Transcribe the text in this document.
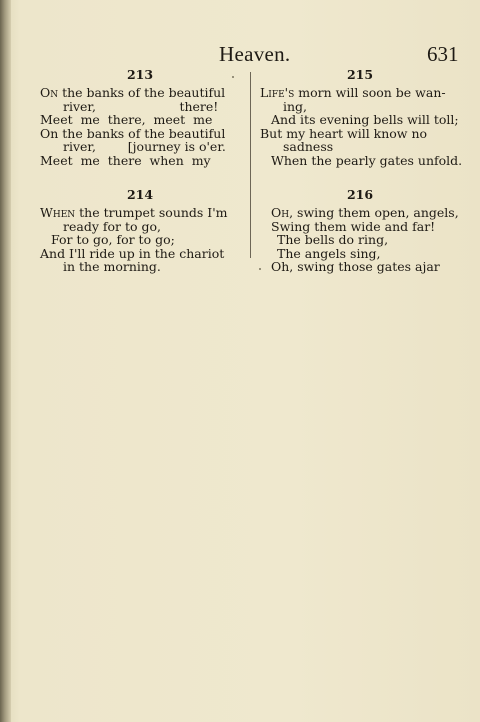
Heaven.	631
213
On the banks of the beautiful
river,                     there!
Meet  me  there,  meet  me
On the banks of the beautiful
river,        [journey is o'er.
Meet  me  there  when  my
214
When the trumpet sounds I'm
ready for to go,
For to go, for to go;
And I'll ride up in the chariot
in the morning.
215
Life's morn will soon be wan-
ing,
And its evening bells will toll;
But my heart will know no
sadness
When the pearly gates unfold.
216
Oh, swing them open, angels,
Swing them wide and far!
The bells do ring,
The angels sing,
Oh, swing those gates ajar
